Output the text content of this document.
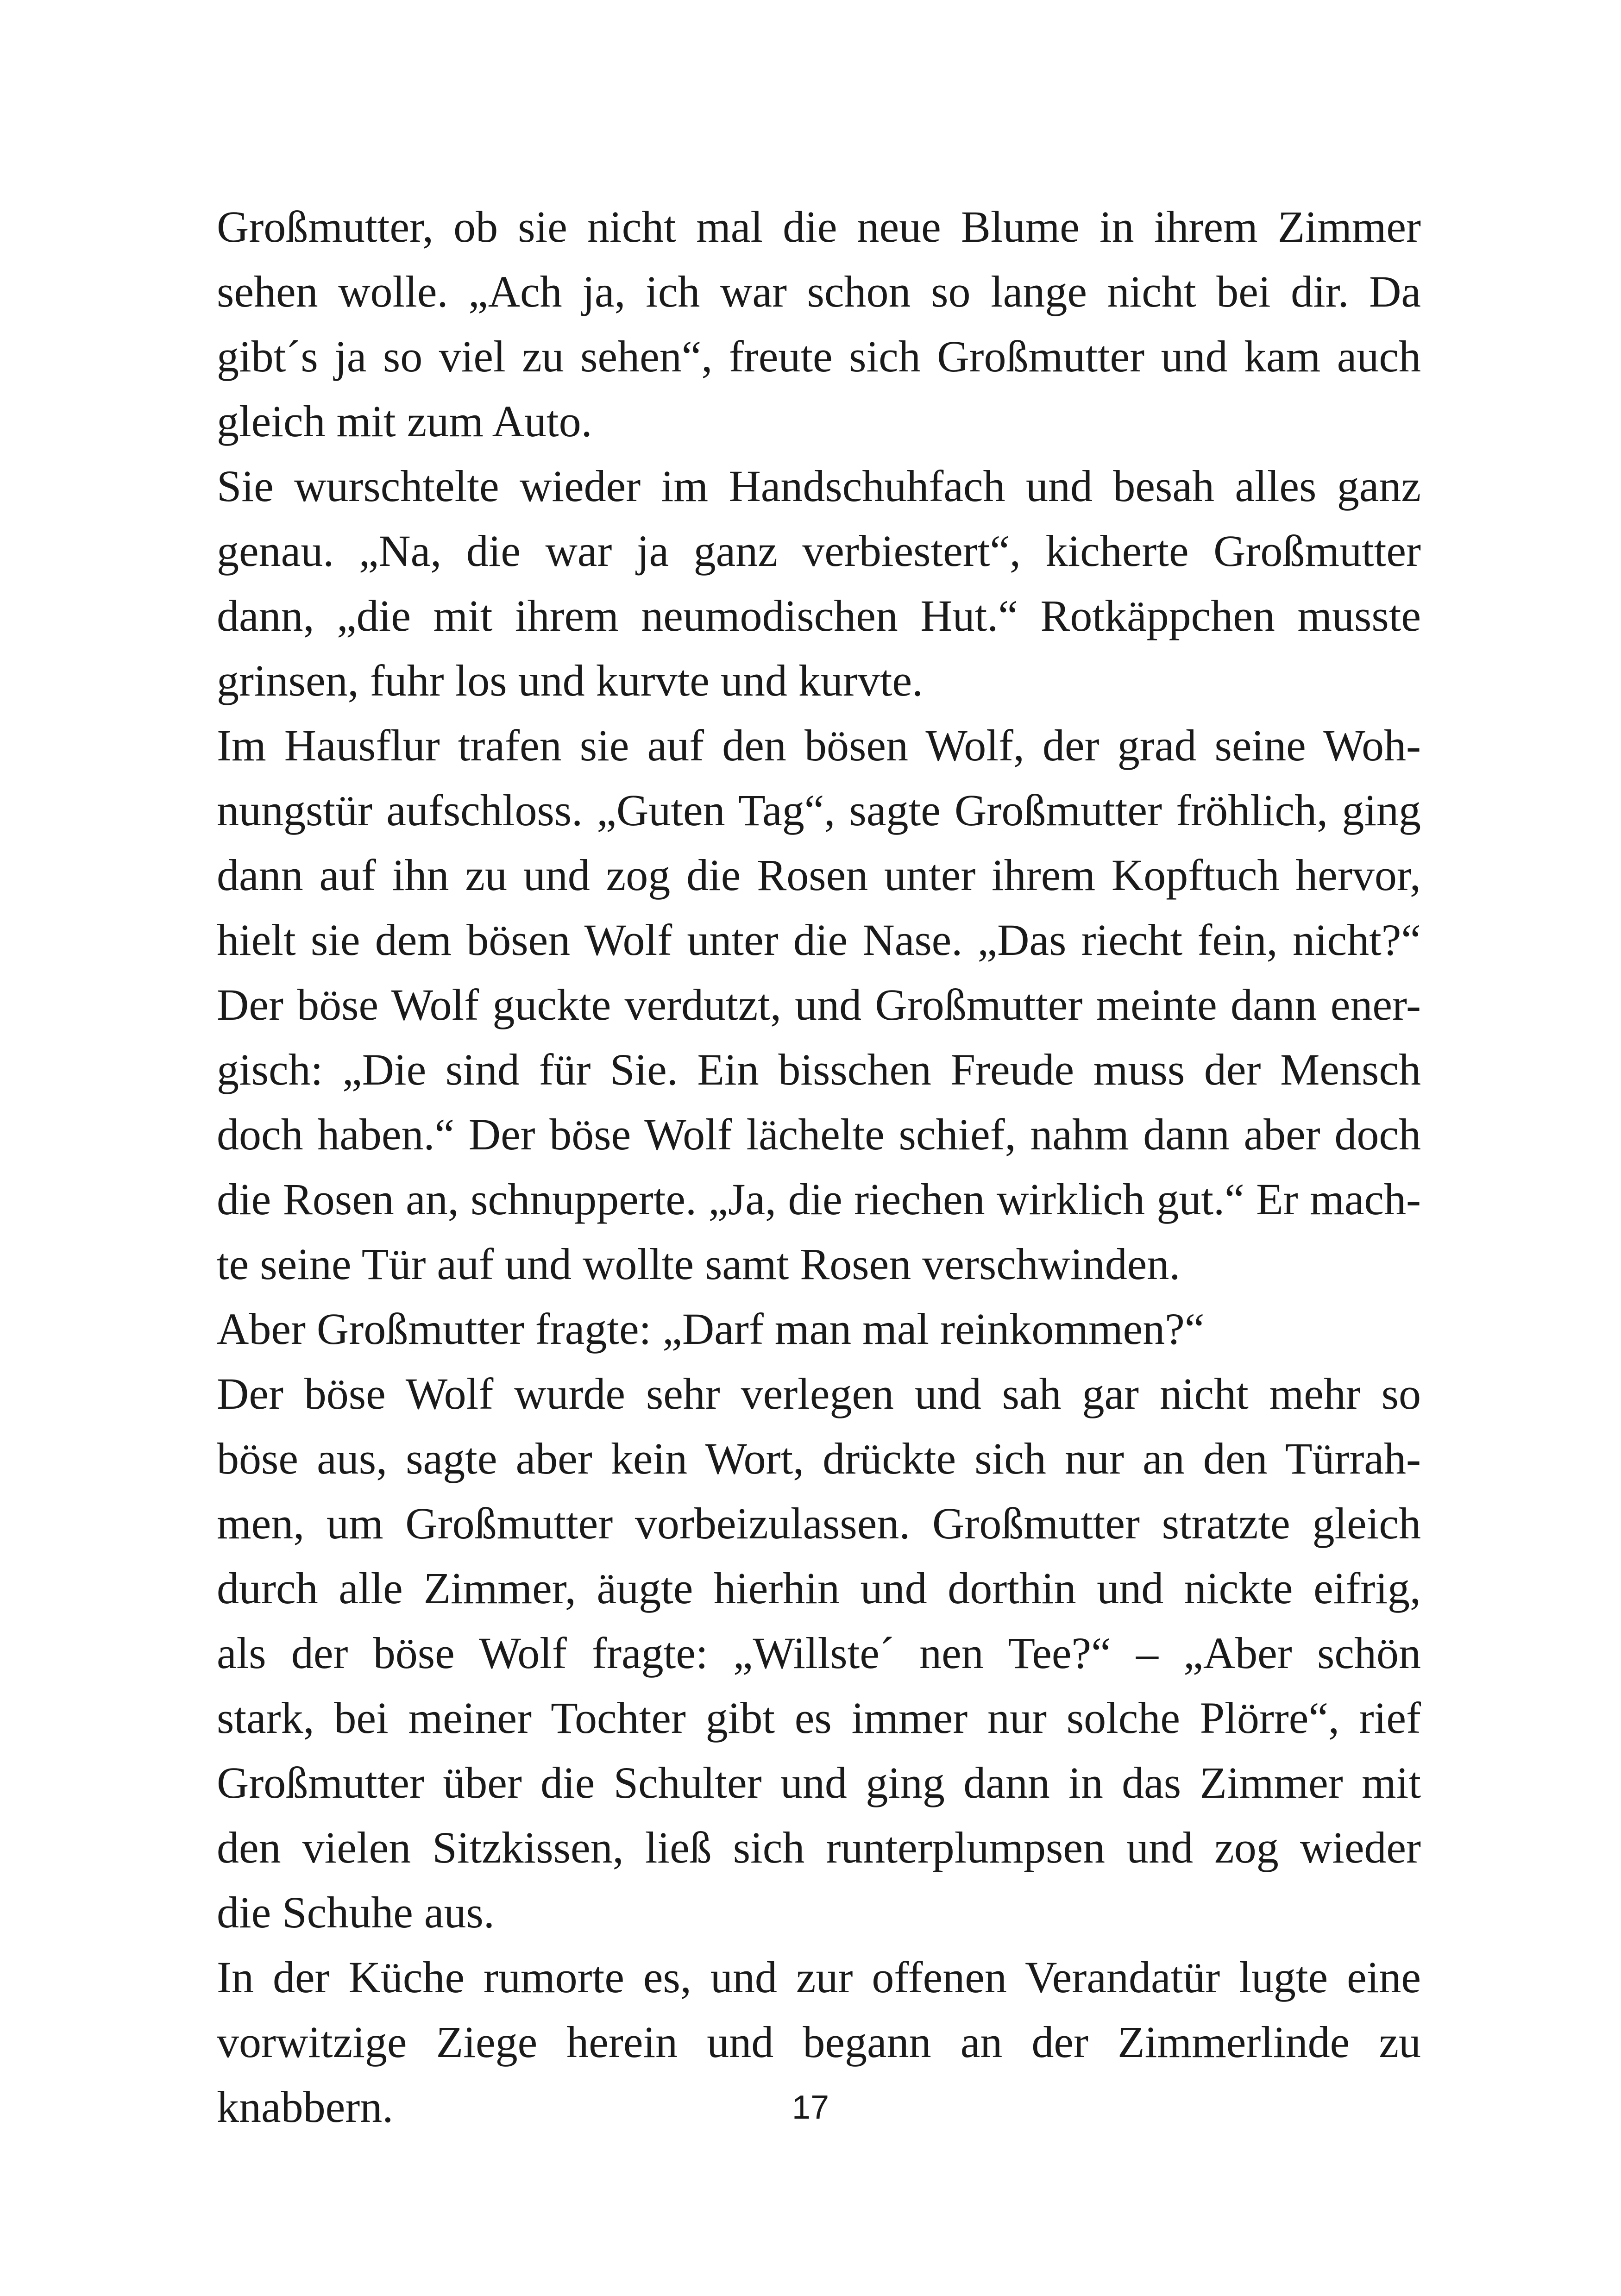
Großmutter, ob sie nicht mal die neue Blume in ihrem Zimmer
sehen wolle. „Ach ja, ich war schon so lange nicht bei dir. Da
gibt´s ja so viel zu sehen“, freute sich Großmutter und kam auch
gleich mit zum Auto.
Sie wurschtelte wieder im Handschuhfach und besah alles ganz
genau. „Na, die war ja ganz verbiestert“, kicherte Großmutter
dann, „die mit ihrem neumodischen Hut.“ Rotkäppchen musste
grinsen, fuhr los und kurvte und kurvte.
Im Hausflur trafen sie auf den bösen Wolf, der grad seine Woh-
nungstür aufschloss. „Guten Tag“, sagte Großmutter fröhlich, ging
dann auf ihn zu und zog die Rosen unter ihrem Kopftuch hervor,
hielt sie dem bösen Wolf unter die Nase. „Das riecht fein, nicht?“
Der böse Wolf guckte verdutzt, und Großmutter meinte dann ener-
gisch: „Die sind für Sie. Ein bisschen Freude muss der Mensch
doch haben.“ Der böse Wolf lächelte schief, nahm dann aber doch
die Rosen an, schnupperte. „Ja, die riechen wirklich gut.“ Er mach-
te seine Tür auf und wollte samt Rosen verschwinden.
Aber Großmutter fragte: „Darf man mal reinkommen?“
Der böse Wolf wurde sehr verlegen und sah gar nicht mehr so
böse aus, sagte aber kein Wort, drückte sich nur an den Türrah-
men, um Großmutter vorbeizulassen. Großmutter stratzte gleich
durch alle Zimmer, äugte hierhin und dorthin und nickte eifrig,
als der böse Wolf fragte: „Willste´ nen Tee?“ – „Aber schön
stark, bei meiner Tochter gibt es immer nur solche Plörre“, rief
Großmutter über die Schulter und ging dann in das Zimmer mit
den vielen Sitzkissen, ließ sich runterplumpsen und zog wieder
die Schuhe aus.
In der Küche rumorte es, und zur offenen Verandatür lugte eine
vorwitzige Ziege herein und begann an der Zimmerlinde zu
knabbern.	17
